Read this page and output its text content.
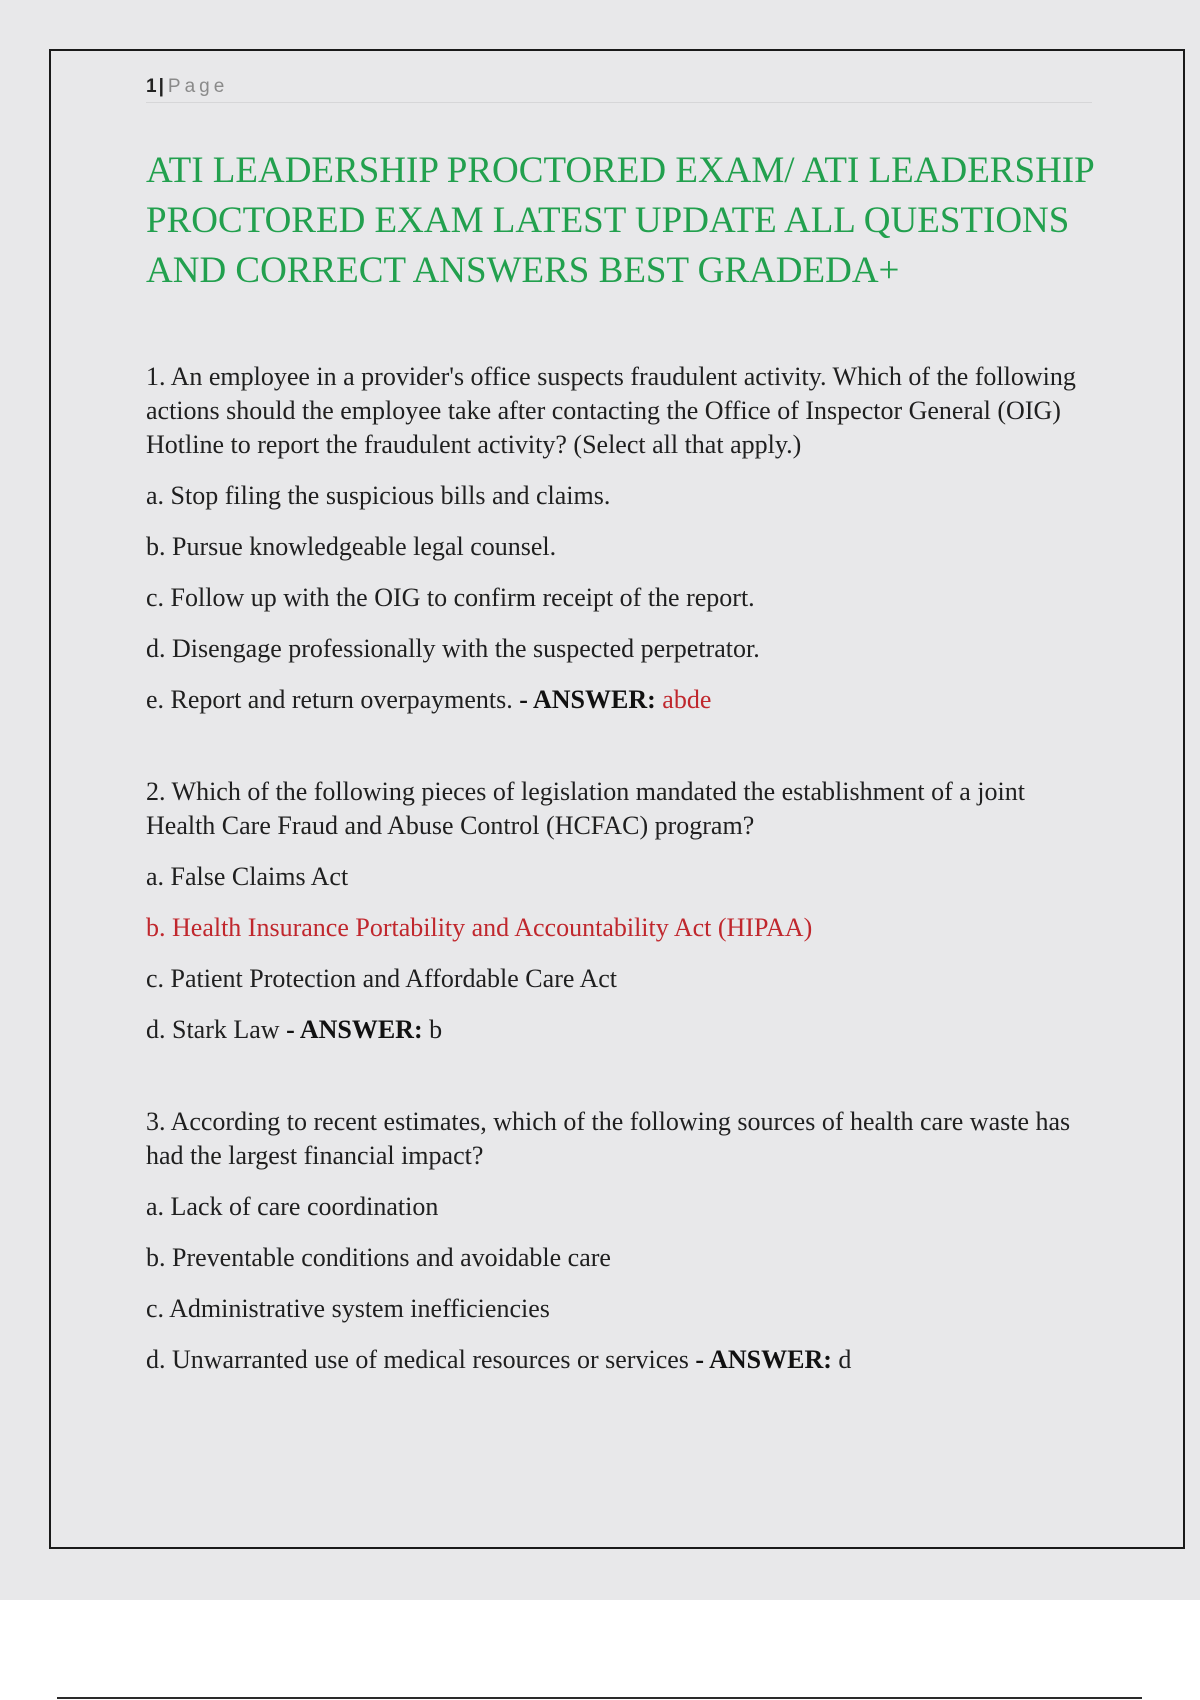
1 | Page
ATI LEADERSHIP PROCTORED EXAM/ ATI LEADERSHIP PROCTORED EXAM LATEST UPDATE ALL QUESTIONS AND CORRECT ANSWERS BEST GRADEDA+

1. An employee in a provider's office suspects fraudulent activity. Which of the following actions should the employee take after contacting the Office of Inspector General (OIG) Hotline to report the fraudulent activity? (Select all that apply.)

a. Stop filing the suspicious bills and claims.

b. Pursue knowledgeable legal counsel.

c. Follow up with the OIG to confirm receipt of the report.

d. Disengage professionally with the suspected perpetrator.

e. Report and return overpayments. - ANSWER: abde

2. Which of the following pieces of legislation mandated the establishment of a joint Health Care Fraud and Abuse Control (HCFAC) program?

a. False Claims Act

b. Health Insurance Portability and Accountability Act (HIPAA)

c. Patient Protection and Affordable Care Act

d. Stark Law - ANSWER: b

3. According to recent estimates, which of the following sources of health care waste has had the largest financial impact?

a. Lack of care coordination

b. Preventable conditions and avoidable care

c. Administrative system inefficiencies

d. Unwarranted use of medical resources or services - ANSWER: d
